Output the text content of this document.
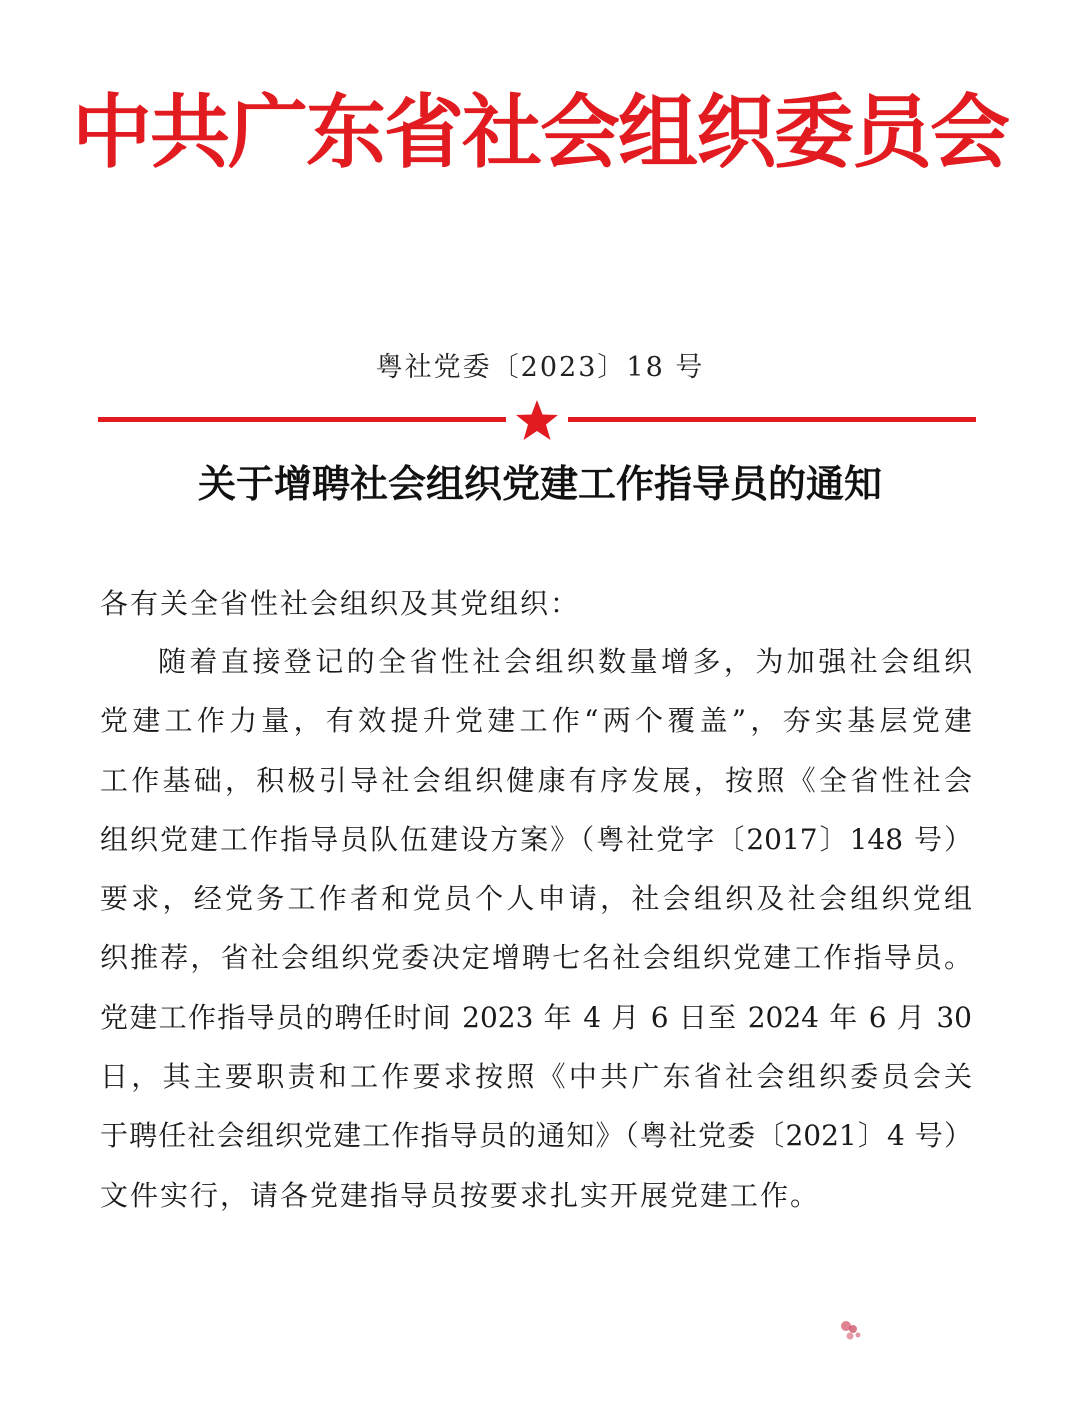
中共广东省社会组织委员会
粤社党委〔2023〕18 号
关于增聘社会组织党建工作指导员的通知
各有关全省性社会组织及其党组织：
随着直接登记的全省性社会组织数量增多，为加强社会组织
党建工作力量，有效提升党建工作“两个覆盖”，夯实基层党建
工作基础，积极引导社会组织健康有序发展，按照《全省性社会
组织党建工作指导员队伍建设方案》（粤社党字〔2017〕148 号）
要求，经党务工作者和党员个人申请，社会组织及社会组织党组
织推荐，省社会组织党委决定增聘七名社会组织党建工作指导员。
党建工作指导员的聘任时间 2023 年 4 月 6 日至 2024 年 6 月 30
日，其主要职责和工作要求按照《中共广东省社会组织委员会关
于聘任社会组织党建工作指导员的通知》（粤社党委〔2021〕4 号）
文件实行，请各党建指导员按要求扎实开展党建工作。
